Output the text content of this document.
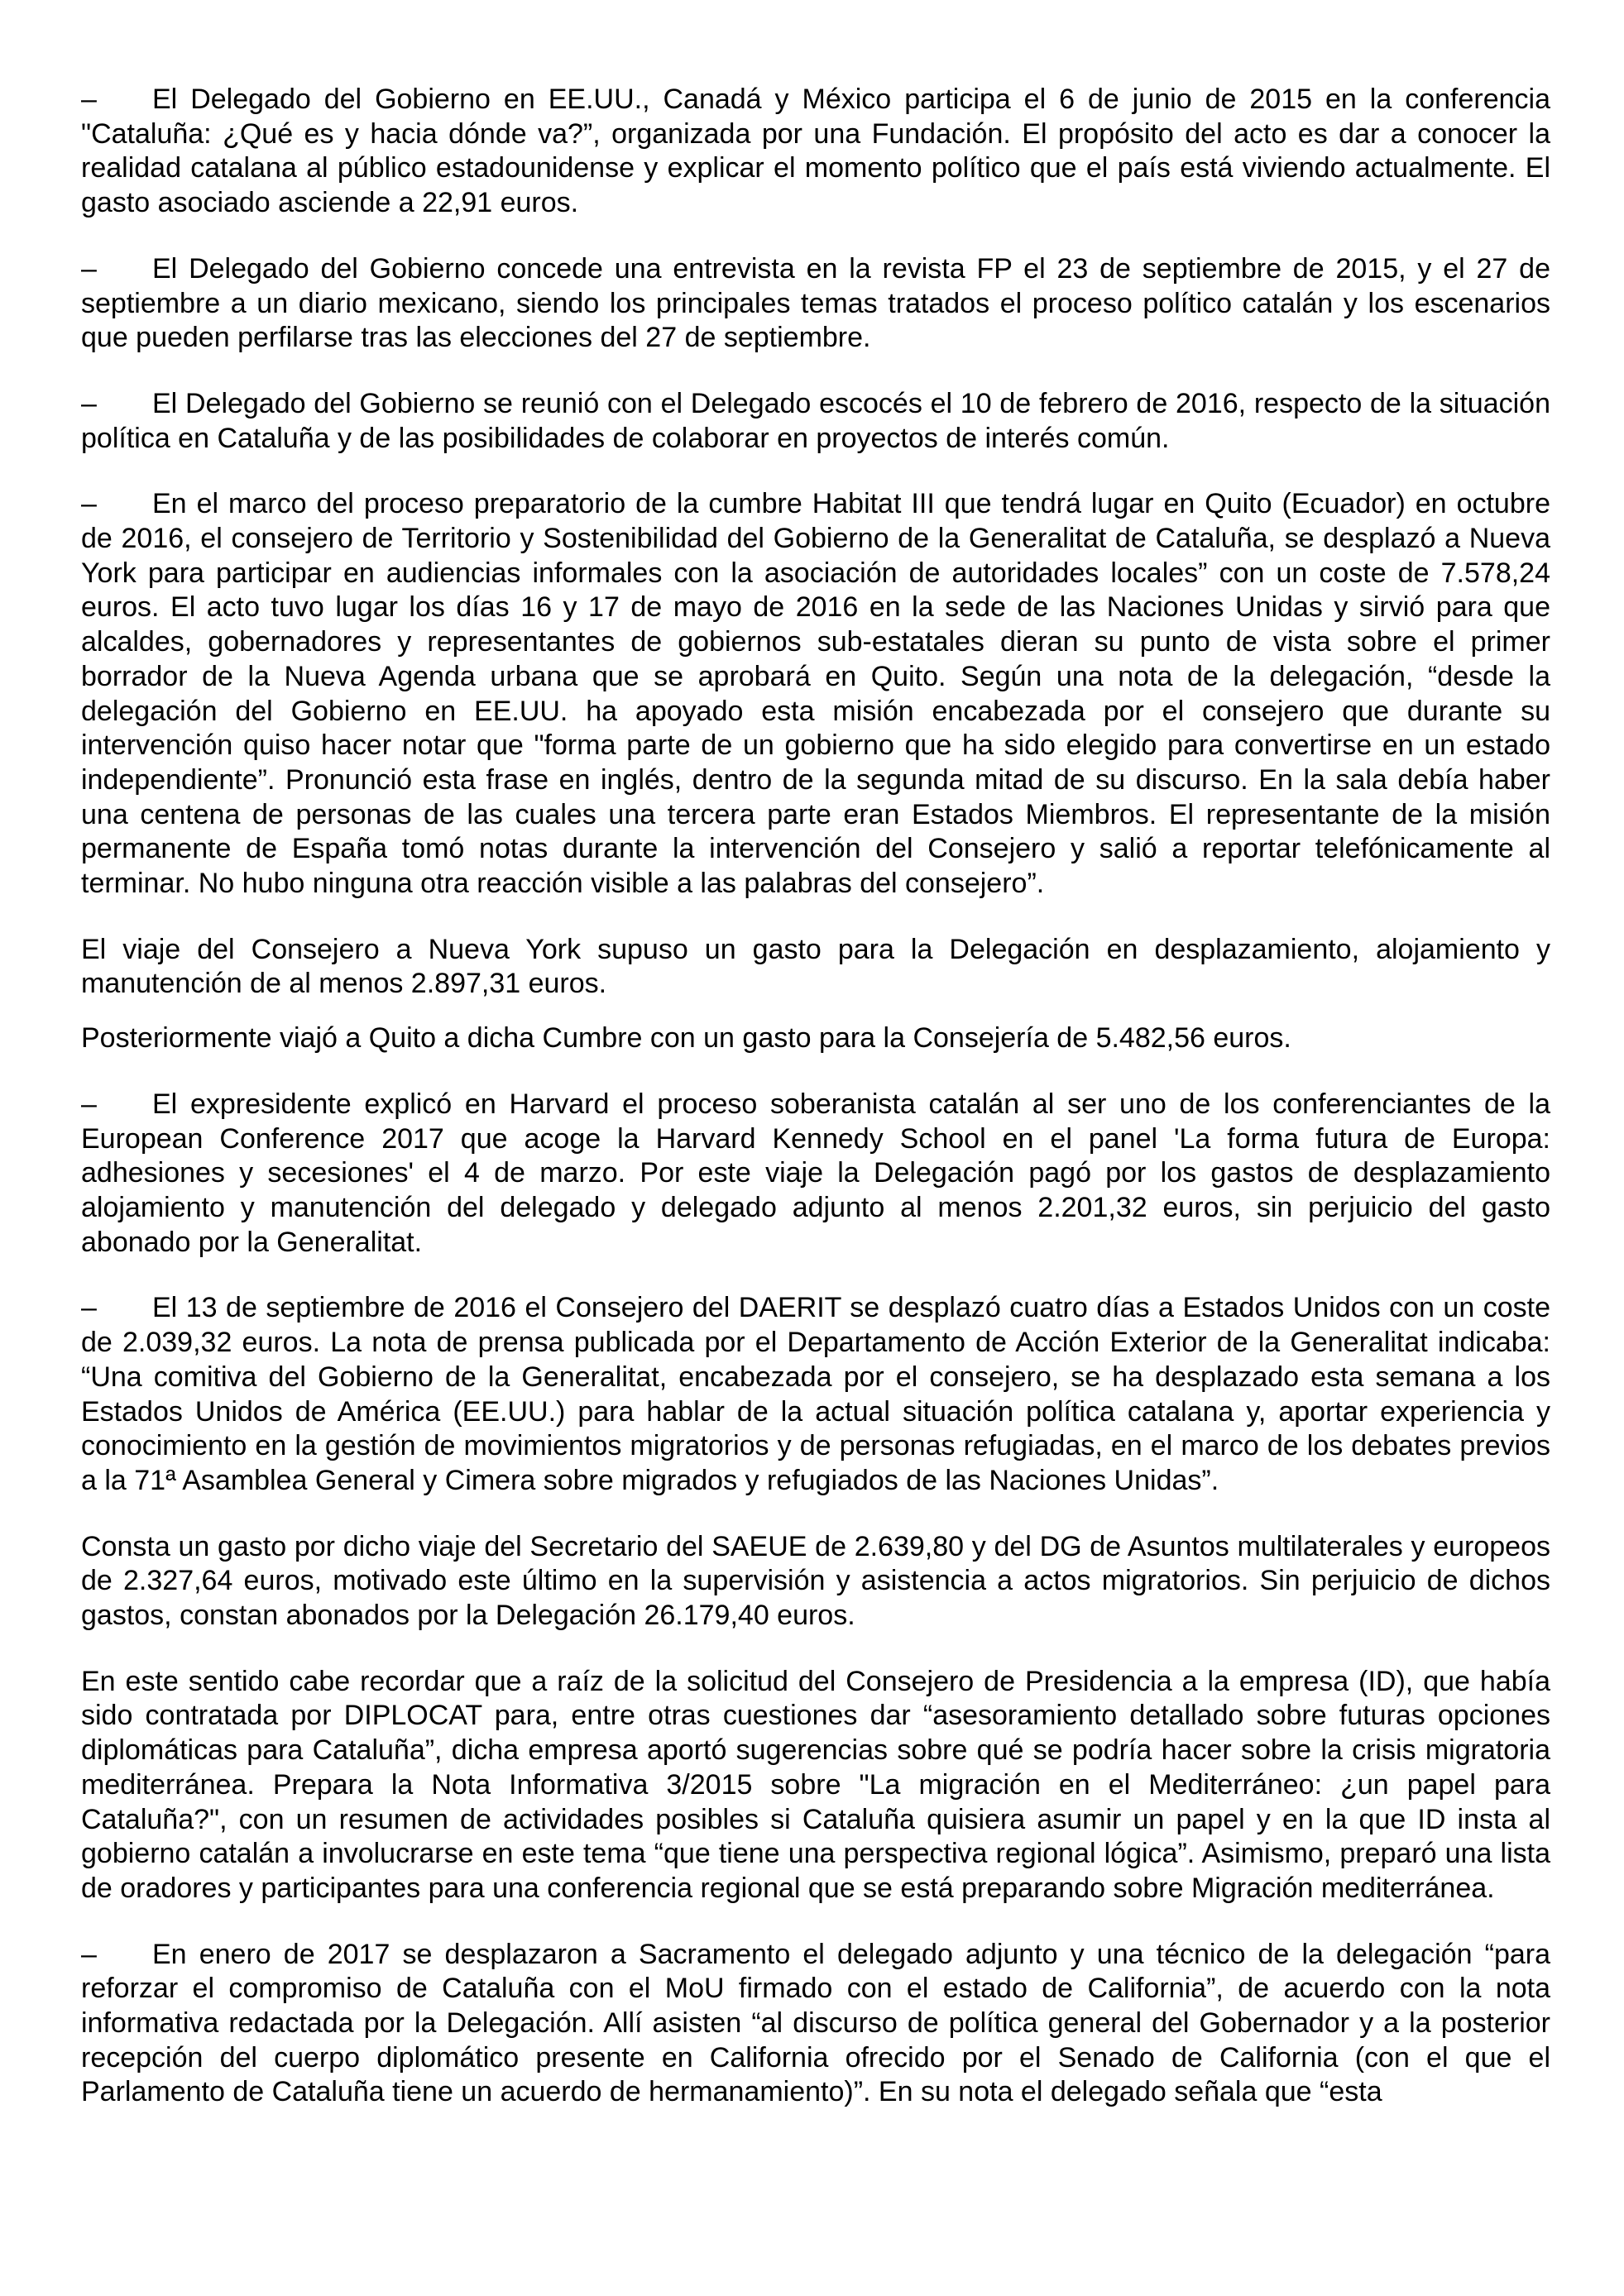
– El Delegado del Gobierno en EE.UU., Canadá y México participa el 6 de junio de 2015 en la conferencia "Cataluña: ¿Qué es y hacia dónde va?”, organizada por una Fundación. El propósito del acto es dar a conocer la realidad catalana al público estadounidense y explicar el momento político que el país está viviendo actualmente. El gasto asociado asciende a 22,91 euros.

– El Delegado del Gobierno concede una entrevista en la revista FP el 23 de septiembre de 2015, y el 27 de septiembre a un diario mexicano, siendo los principales temas tratados el proceso político catalán y los escenarios que pueden perfilarse tras las elecciones del 27 de septiembre.

– El Delegado del Gobierno se reunió con el Delegado escocés el 10 de febrero de 2016, respecto de la situación política en Cataluña y de las posibilidades de colaborar en proyectos de interés común.

– En el marco del proceso preparatorio de la cumbre Habitat III que tendrá lugar en Quito (Ecuador) en octubre de 2016, el consejero de Territorio y Sostenibilidad del Gobierno de la Generalitat de Cataluña, se desplazó a Nueva York para participar en audiencias informales con la asociación de autoridades locales” con un coste de 7.578,24 euros. El acto tuvo lugar los días 16 y 17 de mayo de 2016 en la sede de las Naciones Unidas y sirvió para que alcaldes, gobernadores y representantes de gobiernos sub-estatales dieran su punto de vista sobre el primer borrador de la Nueva Agenda urbana que se aprobará en Quito. Según una nota de la delegación, “desde la delegación del Gobierno en EE.UU. ha apoyado esta misión encabezada por el consejero que durante su intervención quiso hacer notar que "forma parte de un gobierno que ha sido elegido para convertirse en un estado independiente”. Pronunció esta frase en inglés, dentro de la segunda mitad de su discurso. En la sala debía haber una centena de personas de las cuales una tercera parte eran Estados Miembros. El representante de la misión permanente de España tomó notas durante la intervención del Consejero y salió a reportar telefónicamente al terminar. No hubo ninguna otra reacción visible a las palabras del consejero”.

El viaje del Consejero a Nueva York supuso un gasto para la Delegación en desplazamiento, alojamiento y manutención de al menos 2.897,31 euros.

Posteriormente viajó a Quito a dicha Cumbre con un gasto para la Consejería de 5.482,56 euros.

– El expresidente explicó en Harvard el proceso soberanista catalán al ser uno de los conferenciantes de la European Conference 2017 que acoge la Harvard Kennedy School en el panel 'La forma futura de Europa: adhesiones y secesiones' el 4 de marzo. Por este viaje la Delegación pagó por los gastos de desplazamiento alojamiento y manutención del delegado y delegado adjunto al menos 2.201,32 euros, sin perjuicio del gasto abonado por la Generalitat.

– El 13 de septiembre de 2016 el Consejero del DAERIT se desplazó cuatro días a Estados Unidos con un coste de 2.039,32 euros. La nota de prensa publicada por el Departamento de Acción Exterior de la Generalitat indicaba: “Una comitiva del Gobierno de la Generalitat, encabezada por el consejero, se ha desplazado esta semana a los Estados Unidos de América (EE.UU.) para hablar de la actual situación política catalana y, aportar experiencia y conocimiento en la gestión de movimientos migratorios y de personas refugiadas, en el marco de los debates previos a la 71ª Asamblea General y Cimera sobre migrados y refugiados de las Naciones Unidas”.

Consta un gasto por dicho viaje del Secretario del SAEUE de 2.639,80 y del DG de Asuntos multilaterales y europeos de 2.327,64 euros, motivado este último en la supervisión y asistencia a actos migratorios. Sin perjuicio de dichos gastos, constan abonados por la Delegación 26.179,40 euros.

En este sentido cabe recordar que a raíz de la solicitud del Consejero de Presidencia a la empresa (ID), que había sido contratada por DIPLOCAT para, entre otras cuestiones dar “asesoramiento detallado sobre futuras opciones diplomáticas para Cataluña”, dicha empresa aportó sugerencias sobre qué se podría hacer sobre la crisis migratoria mediterránea. Prepara la Nota Informativa 3/2015 sobre "La migración en el Mediterráneo: ¿un papel para Cataluña?", con un resumen de actividades posibles si Cataluña quisiera asumir un papel y en la que ID insta al gobierno catalán a involucrarse en este tema “que tiene una perspectiva regional lógica”. Asimismo, preparó una lista de oradores y participantes para una conferencia regional que se está preparando sobre Migración mediterránea.

– En enero de 2017 se desplazaron a Sacramento el delegado adjunto y una técnico de la delegación “para reforzar el compromiso de Cataluña con el MoU firmado con el estado de California”, de acuerdo con la nota informativa redactada por la Delegación. Allí asisten “al discurso de política general del Gobernador y a la posterior recepción del cuerpo diplomático presente en California ofrecido por el Senado de California (con el que el Parlamento de Cataluña tiene un acuerdo de hermanamiento)”. En su nota el delegado señala que “esta
